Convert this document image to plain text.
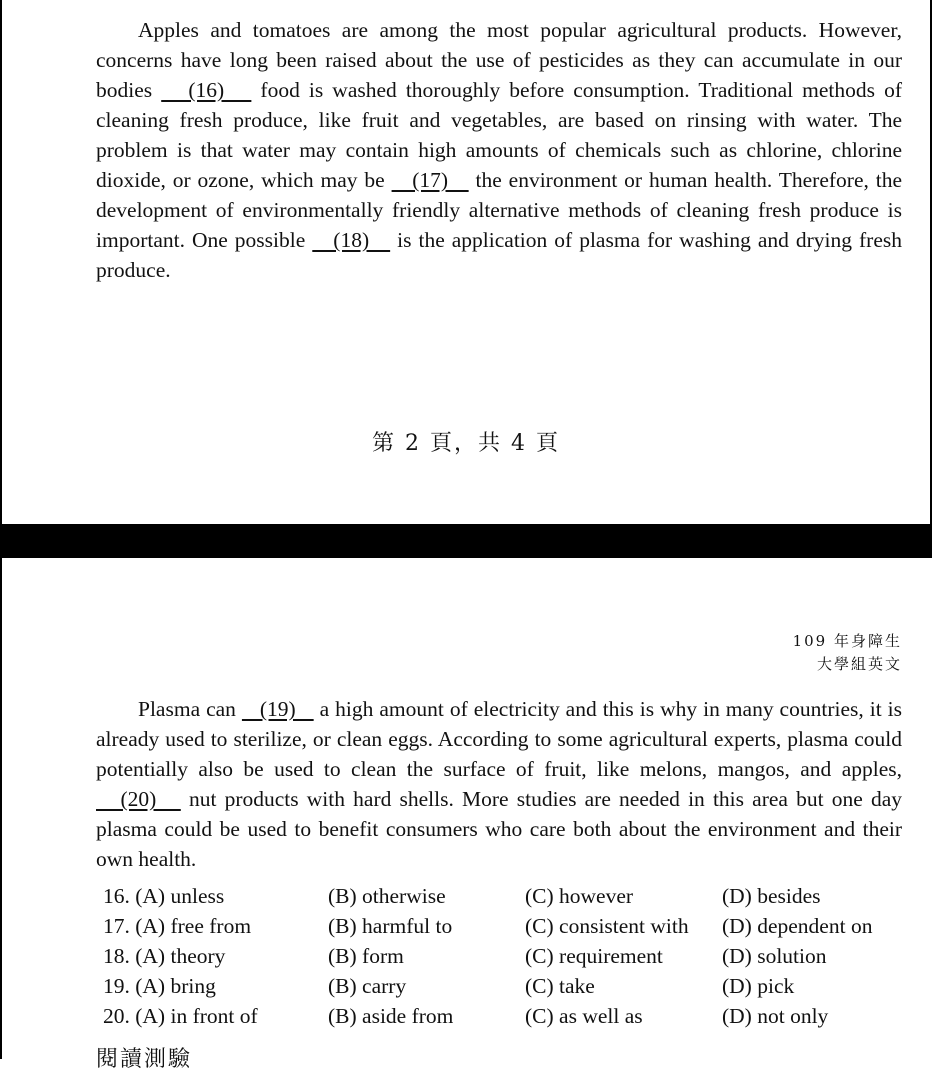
Apples and tomatoes are among the most popular agricultural products. However, concerns have long been raised about the use of pesticides as they can accumulate in our bodies    (16)    food is washed thoroughly before consumption. Traditional methods of cleaning fresh produce, like fruit and vegetables, are based on rinsing with water. The problem is that water may contain high amounts of chemicals such as chlorine, chlorine dioxide, or ozone, which may be    (17)    the environment or human health. Therefore, the development of environmentally friendly alternative methods of cleaning fresh produce is important. One possible    (18)    is the application of plasma for washing and drying fresh produce.

第 2 頁，共 4 頁
109 年身障生
大學組英文

Plasma can    (19)    a high amount of electricity and this is why in many countries, it is already used to sterilize, or clean eggs. According to some agricultural experts, plasma could potentially also be used to clean the surface of fruit, like melons, mangos, and apples,    (20)    nut products with hard shells. More studies are needed in this area but one day plasma could be used to benefit consumers who care both about the environment and their own health.

16. (A) unless	(B) otherwise	(C) however	(D) besides
17. (A) free from	(B) harmful to	(C) consistent with	(D) dependent on
18. (A) theory	(B) form	(C) requirement	(D) solution
19. (A) bring	(B) carry	(C) take	(D) pick
20. (A) in front of	(B) aside from	(C) as well as	(D) not only
閱讀測驗
